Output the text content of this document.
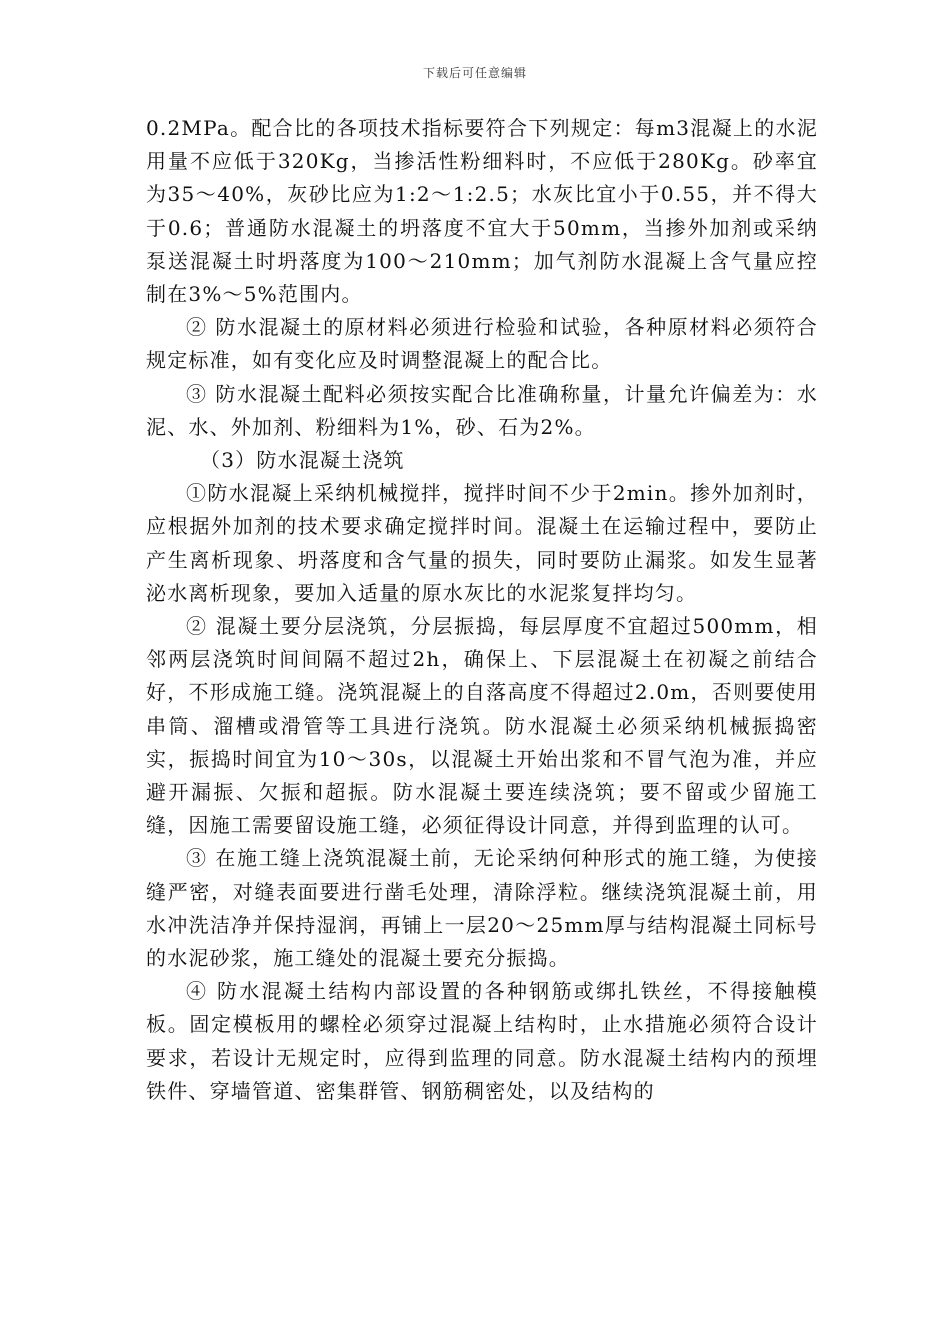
下载后可任意编辑

0.2MPa。配合比的各项技术指标要符合下列规定：每m3混凝上的水泥用量不应低于320Kg，当掺活性粉细料时，不应低于280Kg。砂率宜为35～40%，灰砂比应为1:2～1:2.5；水灰比宜小于0.55，并不得大于0.6；普通防水混凝土的坍落度不宜大于50mm，当掺外加剂或采纳泵送混凝土时坍落度为100～210mm；加气剂防水混凝上含气量应控制在3%～5%范围内。

② 防水混凝土的原材料必须进行检验和试验，各种原材料必须符合规定标准，如有变化应及时调整混凝上的配合比。

③ 防水混凝土配料必须按实配合比准确称量，计量允许偏差为：水泥、水、外加剂、粉细料为1%，砂、石为2%。

（3）防水混凝土浇筑

①防水混凝上采纳机械搅拌，搅拌时间不少于2min。掺外加剂时，应根据外加剂的技术要求确定搅拌时间。混凝土在运输过程中，要防止产生离析现象、坍落度和含气量的损失，同时要防止漏浆。如发生显著泌水离析现象，要加入适量的原水灰比的水泥浆复拌均匀。

② 混凝土要分层浇筑，分层振捣，每层厚度不宜超过500mm，相邻两层浇筑时间间隔不超过2h，确保上、下层混凝土在初凝之前结合好，不形成施工缝。浇筑混凝上的自落高度不得超过2.0m，否则要使用串筒、溜槽或滑管等工具进行浇筑。防水混凝土必须采纳机械振捣密实，振捣时间宜为10～30s，以混凝土开始出浆和不冒气泡为准，并应避开漏振、欠振和超振。防水混凝土要连续浇筑；要不留或少留施工缝，因施工需要留设施工缝，必须征得设计同意，并得到监理的认可。

③ 在施工缝上浇筑混凝土前，无论采纳何种形式的施工缝，为使接缝严密，对缝表面要进行凿毛处理，清除浮粒。继续浇筑混凝土前，用水冲洗洁净并保持湿润，再铺上一层20～25mm厚与结构混凝土同标号的水泥砂浆，施工缝处的混凝土要充分振捣。

④ 防水混凝土结构内部设置的各种钢筋或绑扎铁丝，不得接触模板。固定模板用的螺栓必须穿过混凝上结构时，止水措施必须符合设计要求，若设计无规定时，应得到监理的同意。防水混凝土结构内的预埋铁件、穿墙管道、密集群管、钢筋稠密处，以及结构的
